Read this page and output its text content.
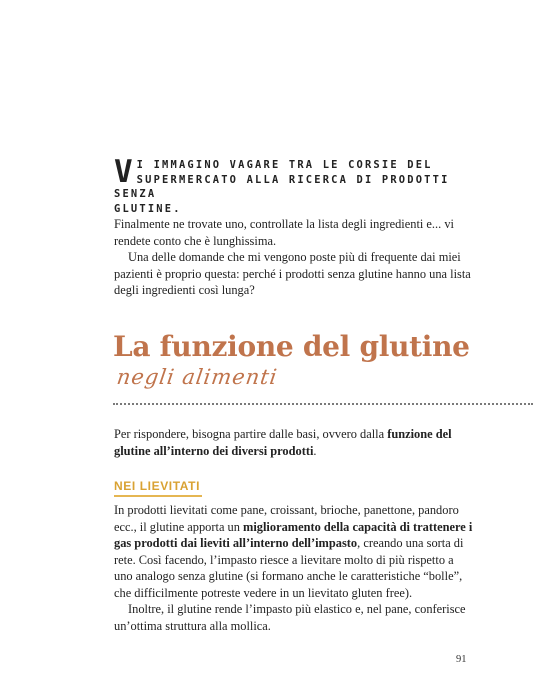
V I IMMAGINO VAGARE TRA LE CORSIE DEL
SUPERMERCATO ALLA RICERCA DI PRODOTTI SENZA
GLUTINE.

Finalmente ne trovate uno, controllate la lista degli ingredienti e... vi rendete conto che è lunghissima.

Una delle domande che mi vengono poste più di frequente dai miei pazienti è proprio questa: perché i prodotti senza glutine hanno una lista degli ingredienti così lunga?

La funzione del glutine

negli alimenti

Per rispondere, bisogna partire dalle basi, ovvero dalla funzione del glutine all’interno dei diversi prodotti.

NEI LIEVITATI

In prodotti lievitati come pane, croissant, brioche, panettone, pandoro ecc., il glutine apporta un miglioramento della capacità di trattenere i gas prodotti dai lieviti all’interno dell’impasto, creando una sorta di rete. Così facendo, l’impasto riesce a lievitare molto di più rispetto a uno analogo senza glutine (si formano anche le caratteristiche “bolle”, che difficilmente potreste vedere in un lievitato gluten free).

Inoltre, il glutine rende l’impasto più elastico e, nel pane, conferisce un’ottima struttura alla mollica.

91
